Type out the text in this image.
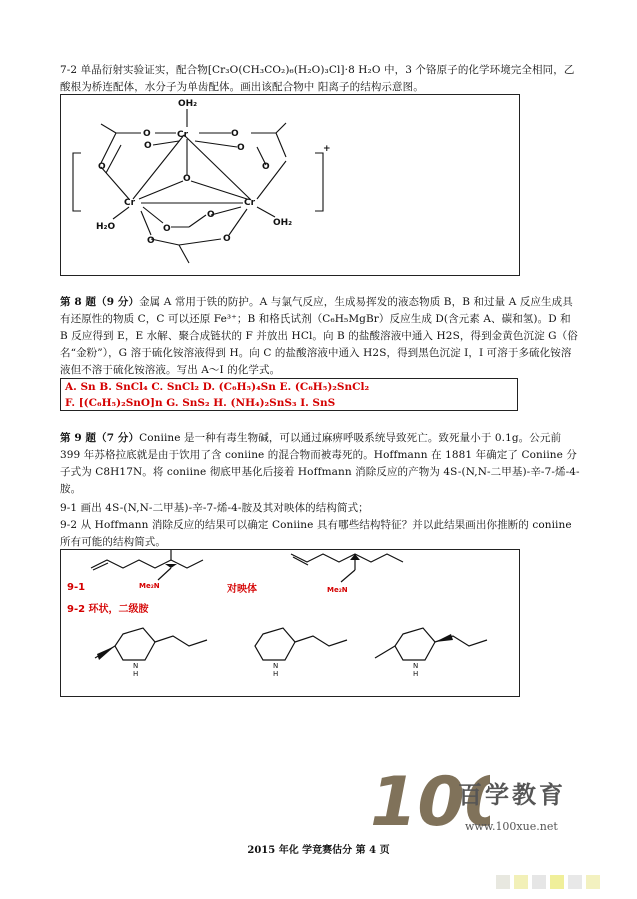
7-2 单晶衍射实验证实，配合物[Cr₃O(CH₃CO₂)₆(H₂O)₃Cl]·8 H₂O 中，3 个铬原子的化学环境完全相同，乙酸根为桥连配体，水分子为单齿配体。画出该配合物中 阳离子的结构示意图。
OH₂
Cr
Cr	Cr
O
O	O
O	O
O	O
O
O
O	O
H₂O	OH₂
+
第 8 题（9 分）金属 A 常用于铁的防护。A 与氯气反应，生成易挥发的液态物质 B，B 和过量 A 反应生成具有还原性的物质 C，C 可以还原 Fe³⁺；B 和格氏试剂（C₆H₅MgBr）反应生成 D(含元素 A、碳和氢)。D 和 B 反应得到 E，E 水解、聚合成链状的 F 并放出 HCl。向 B 的盐酸溶液中通入 H2S，得到金黄色沉淀 G（俗名“金粉”），G 溶于硫化铵溶液得到 H。向 C 的盐酸溶液中通入 H2S，得到黑色沉淀 I，I 可溶于多硫化铵溶液但不溶于硫化铵溶液。写出 A～I 的化学式。
A. Sn B. SnCl₄ C. SnCl₂ D. (C₆H₅)₄Sn E. (C₆H₅)₂SnCl₂
F. [(C₆H₅)₂SnO]n G. SnS₂ H. (NH₄)₂SnS₃ I. SnS
第 9 题（7 分）Coniine 是一种有毒生物碱，可以通过麻痹呼吸系统导致死亡。致死量小于 0.1g。公元前 399 年苏格拉底就是由于饮用了含 coniine 的混合物而被毒死的。Hoffmann 在 1881 年确定了 Coniine 分子式为 C8H17N。将 coniine 彻底甲基化后接着 Hoffmann 消除反应的产物为 4S-(N,N-二甲基)-辛-7-烯-4-胺。
9-1 画出 4S-(N,N-二甲基)-辛-7-烯-4-胺及其对映体的结构简式；
9-2 从 Hoffmann 消除反应的结果可以确定 Coniine 具有哪些结构特征？并以此结果画出你推断的 coniine 所有可能的结构简式。
Me₂N	Me₂N
9-1	对映体
9-2 环状，二级胺
N
H
N
H
N
H
10
百学教育
www.100xue.net
2015 年化 学竞赛估分 第 4 页
